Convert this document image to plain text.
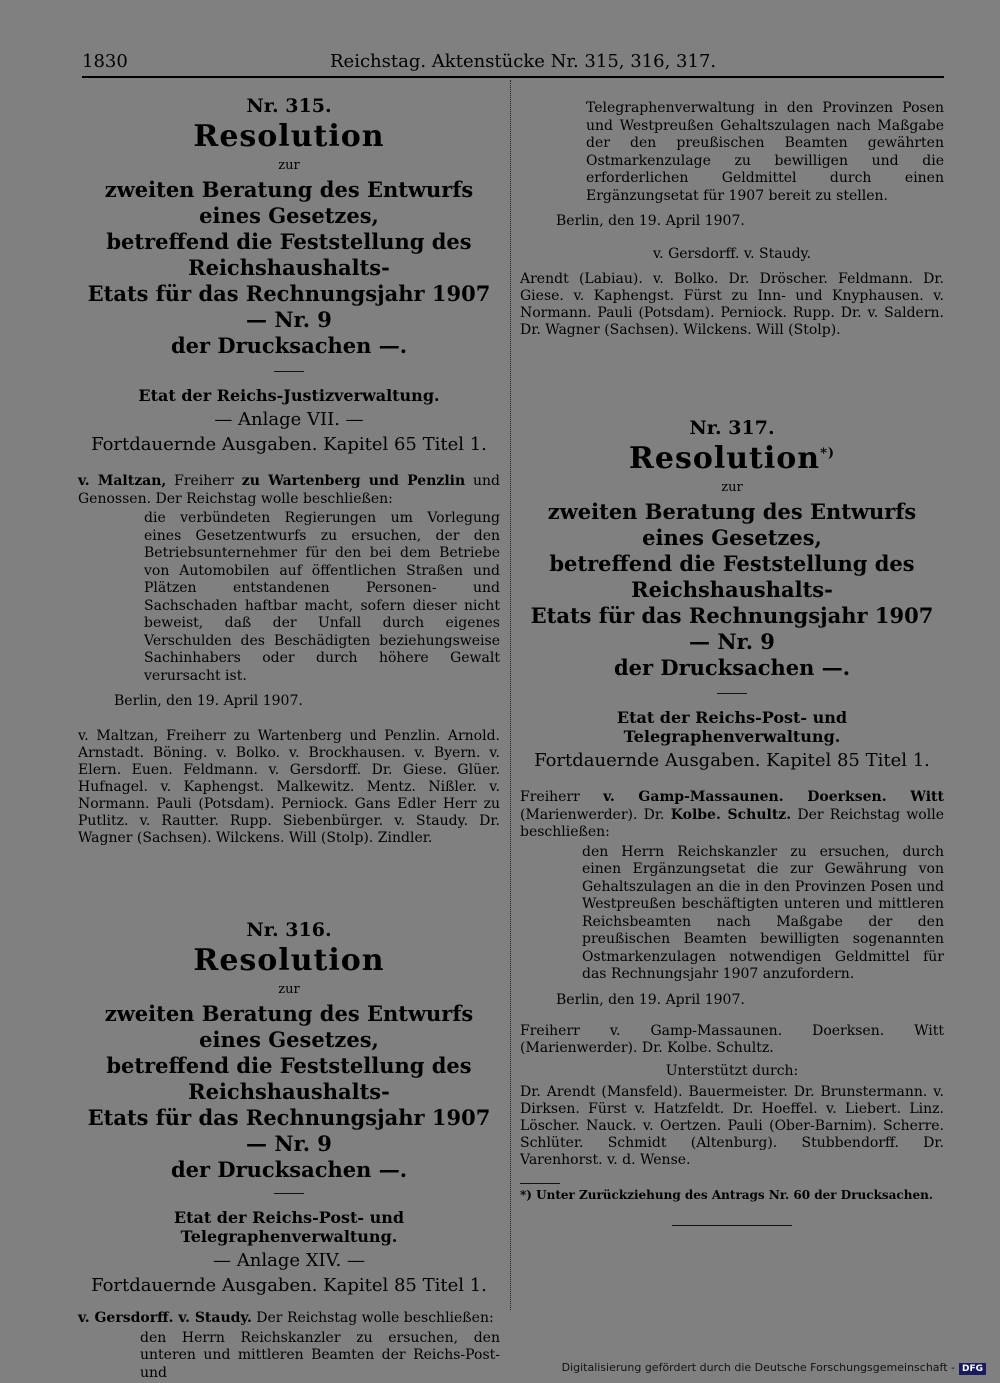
1830	Reichstag. Aktenstücke Nr. 315, 316, 317.
Nr. 315.
Resolution
zur
zweiten Beratung des Entwurfs eines Gesetzes,
betreffend die Feststellung des Reichshaushalts-
Etats für das Rechnungsjahr 1907 — Nr. 9
der Drucksachen —.
Etat der Reichs-Justizverwaltung.
— Anlage VII. —
Fortdauernde Ausgaben. Kapitel 65 Titel 1.
v. Maltzan, Freiherr zu Wartenberg und Penzlin und Genossen. Der Reichstag wolle beschließen:
die verbündeten Regierungen um Vorlegung eines Gesetzentwurfs zu ersuchen, der den Betriebsunternehmer für den bei dem Betriebe von Automobilen auf öffentlichen Straßen und Plätzen entstandenen Personen- und Sachschaden haftbar macht, sofern dieser nicht beweist, daß der Unfall durch eigenes Verschulden des Beschädigten beziehungsweise Sachinhabers oder durch höhere Gewalt verursacht ist.
Berlin, den 19. April 1907.
v. Maltzan, Freiherr zu Wartenberg und Penzlin. Arnold. Arnstadt. Böning. v. Bolko. v. Brockhausen. v. Byern. v. Elern. Euen. Feldmann. v. Gersdorff. Dr. Giese. Glüer. Hufnagel. v. Kaphengst. Malkewitz. Mentz. Nißler. v. Normann. Pauli (Potsdam). Perniock. Gans Edler Herr zu Putlitz. v. Rautter. Rupp. Siebenbürger. v. Staudy. Dr. Wagner (Sachsen). Wilckens. Will (Stolp). Zindler.
Nr. 316.
Resolution
zur
zweiten Beratung des Entwurfs eines Gesetzes,
betreffend die Feststellung des Reichshaushalts-
Etats für das Rechnungsjahr 1907 — Nr. 9
der Drucksachen —.
Etat der Reichs-Post- und Telegraphenverwaltung.
— Anlage XIV. —
Fortdauernde Ausgaben. Kapitel 85 Titel 1.
v. Gersdorff. v. Staudy. Der Reichstag wolle beschließen:
den Herrn Reichskanzler zu ersuchen, den unteren und mittleren Beamten der Reichs-Post- und
Telegraphenverwaltung in den Provinzen Posen und Westpreußen Gehaltszulagen nach Maßgabe der den preußischen Beamten gewährten Ostmarkenzulage zu bewilligen und die erforderlichen Geldmittel durch einen Ergänzungsetat für 1907 bereit zu stellen.
Berlin, den 19. April 1907.
v. Gersdorff. v. Staudy.
Arendt (Labiau). v. Bolko. Dr. Dröscher. Feldmann. Dr. Giese. v. Kaphengst. Fürst zu Inn- und Knyphausen. v. Normann. Pauli (Potsdam). Perniock. Rupp. Dr. v. Saldern. Dr. Wagner (Sachsen). Wilckens. Will (Stolp).
Nr. 317.
Resolution*)
zur
zweiten Beratung des Entwurfs eines Gesetzes,
betreffend die Feststellung des Reichshaushalts-
Etats für das Rechnungsjahr 1907 — Nr. 9
der Drucksachen —.
Etat der Reichs-Post- und Telegraphenverwaltung.
Fortdauernde Ausgaben. Kapitel 85 Titel 1.
Freiherr v. Gamp-Massaunen. Doerksen. Witt (Marienwerder). Dr. Kolbe. Schultz. Der Reichstag wolle beschließen:
den Herrn Reichskanzler zu ersuchen, durch einen Ergänzungsetat die zur Gewährung von Gehaltszulagen an die in den Provinzen Posen und Westpreußen beschäftigten unteren und mittleren Reichsbeamten nach Maßgabe der den preußischen Beamten bewilligten sogenannten Ostmarkenzulagen notwendigen Geldmittel für das Rechnungsjahr 1907 anzufordern.
Berlin, den 19. April 1907.
Freiherr v. Gamp-Massaunen. Doerksen. Witt (Marienwerder). Dr. Kolbe. Schultz.
Unterstützt durch:
Dr. Arendt (Mansfeld). Bauermeister. Dr. Brunstermann. v. Dirksen. Fürst v. Hatzfeldt. Dr. Hoeffel. v. Liebert. Linz. Löscher. Nauck. v. Oertzen. Pauli (Ober-Barnim). Scherre. Schlüter. Schmidt (Altenburg). Stubbendorff. Dr. Varenhorst. v. d. Wense.
*) Unter Zurückziehung des Antrags Nr. 60 der Drucksachen.
Digitalisierung gefördert durch die Deutsche Forschungsgemeinschaft - DFG
